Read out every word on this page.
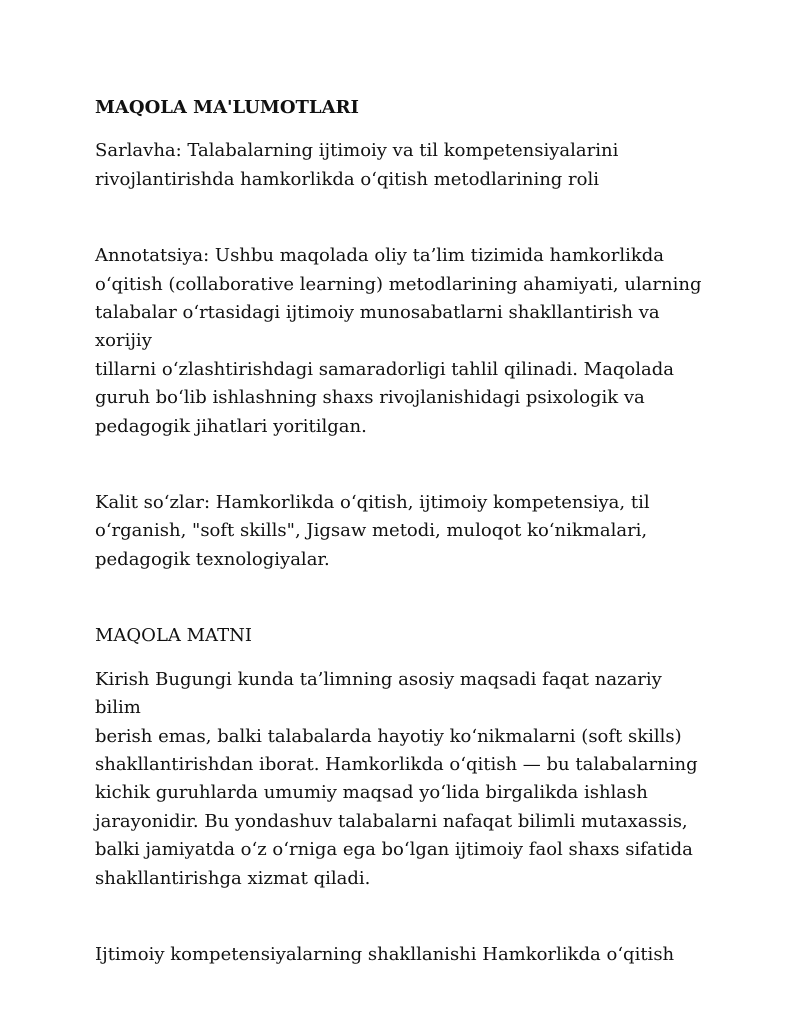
MAQOLA MA'LUMOTLARI

Sarlavha: Talabalarning ijtimoiy va til kompetensiyalarini
rivojlantirishda hamkorlikda o‘qitish metodlarining roli

Annotatsiya: Ushbu maqolada oliy ta’lim tizimida hamkorlikda
o‘qitish (collaborative learning) metodlarining ahamiyati, ularning
talabalar o‘rtasidagi ijtimoiy munosabatlarni shakllantirish va xorijiy
tillarni o‘zlashtirishdagi samaradorligi tahlil qilinadi. Maqolada
guruh bo‘lib ishlashning shaxs rivojlanishidagi psixologik va
pedagogik jihatlari yoritilgan.

Kalit so‘zlar: Hamkorlikda o‘qitish, ijtimoiy kompetensiya, til
o‘rganish, "soft skills", Jigsaw metodi, muloqot ko‘nikmalari,
pedagogik texnologiyalar.

MAQOLA MATNI

Kirish Bugungi kunda ta’limning asosiy maqsadi faqat nazariy bilim
berish emas, balki talabalarda hayotiy ko‘nikmalarni (soft skills)
shakllantirishdan iborat. Hamkorlikda o‘qitish — bu talabalarning
kichik guruhlarda umumiy maqsad yo‘lida birgalikda ishlash
jarayonidir. Bu yondashuv talabalarni nafaqat bilimli mutaxassis,
balki jamiyatda o‘z o‘rniga ega bo‘lgan ijtimoiy faol shaxs sifatida
shakllantirishga xizmat qiladi.

Ijtimoiy kompetensiyalarning shakllanishi Hamkorlikda o‘qitish
